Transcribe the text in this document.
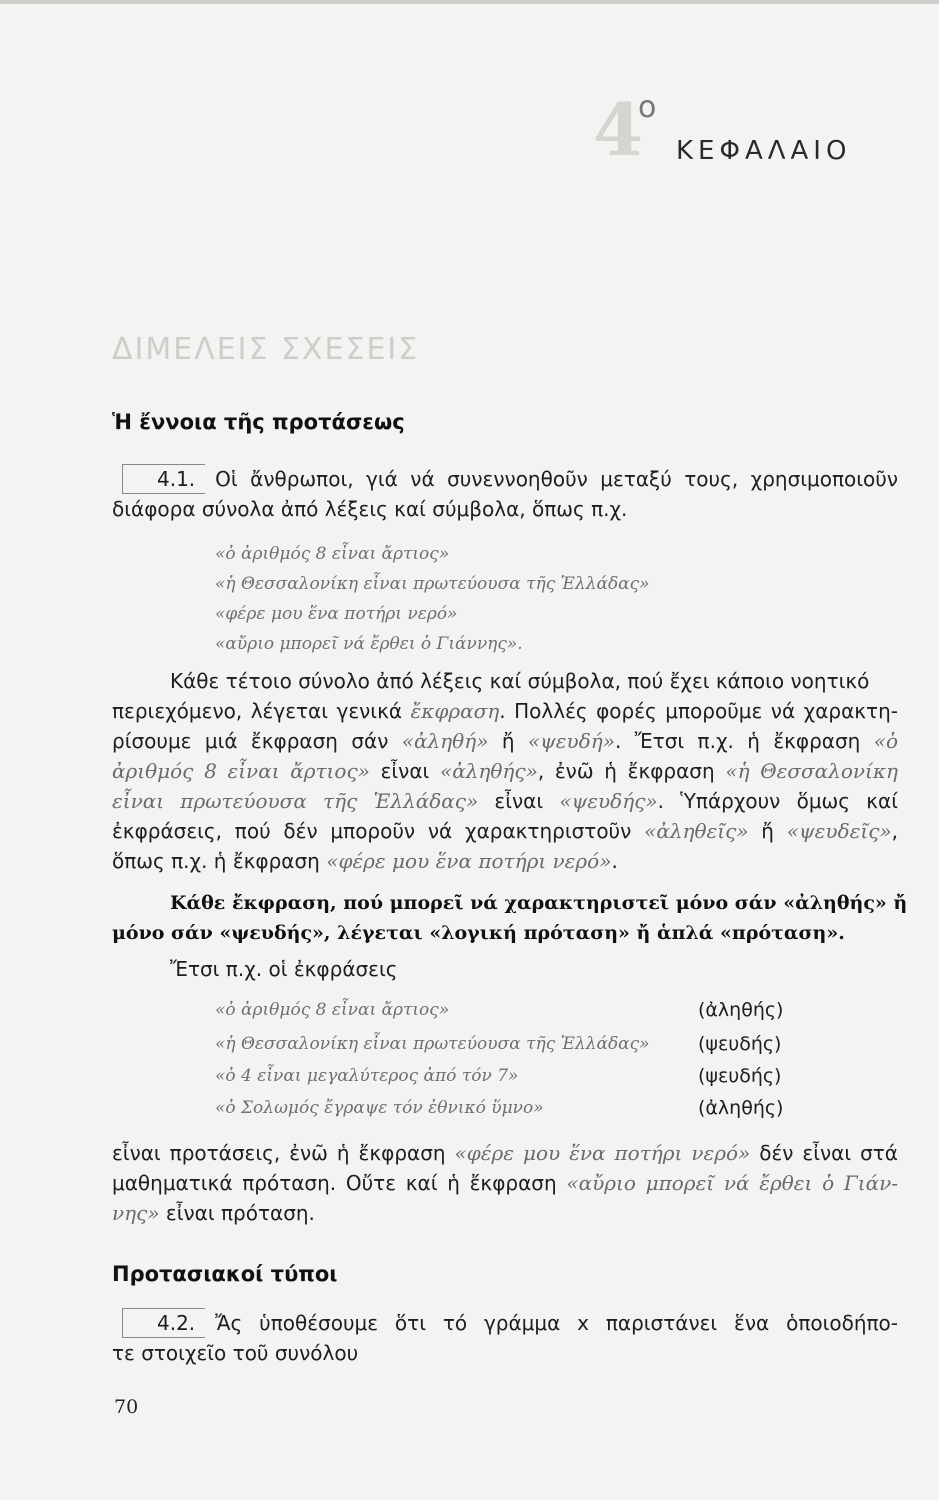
4
ο
ΚΕΦΑΛΑΙΟ
ΔΙΜΕΛΕΙΣ ΣΧΕΣΕΙΣ
Ἡ ἔννοια τῆς προτάσεως
4.1. Οἱ ἄνθρωποι, γιά νά συνεννοηθοῦν μεταξύ τους, χρησιμοποιοῦν
διάφορα σύνολα ἀπό λέξεις καί σύμβολα, ὅπως π.χ.
«ὁ ἀριθμός 8 εἶναι ἄρτιος»
«ἡ Θεσσαλονίκη εἶναι πρωτεύουσα τῆς Ἑλλάδας»
«φέρε μου ἕνα ποτήρι νερό»
«αὔριο μπορεῖ νά ἔρθει ὁ Γιάννης».
Κάθε τέτοιο σύνολο ἀπό λέξεις καί σύμβολα, πού ἔχει κάποιο νοητικό
περιεχόμενο, λέγεται γενικά ἔκφραση. Πολλές φορές μποροῦμε νά χαρακτη-
ρίσουμε μιά ἔκφραση σάν «ἀληθή» ἤ «ψευδή». Ἔτσι π.χ. ἡ ἔκφραση «ὁ
ἀριθμός 8 εἶναι ἄρτιος» εἶναι «ἀληθής», ἐνῶ ἡ ἔκφραση «ἡ Θεσσαλονίκη
εἶναι πρωτεύουσα τῆς Ἑλλάδας» εἶναι «ψευδής». Ὑπάρχουν ὅμως καί
ἐκφράσεις, πού δέν μποροῦν νά χαρακτηριστοῦν «ἀληθεῖς» ἤ «ψευδεῖς»,
ὅπως π.χ. ἡ ἔκφραση «φέρε μου ἕνα ποτήρι νερό».
Κάθε ἔκφραση, πού μπορεῖ νά χαρακτηριστεῖ μόνο σάν «ἀληθής» ἤ
μόνο σάν «ψευδής», λέγεται «λογική πρόταση» ἤ ἁπλά «πρόταση».
Ἔτσι π.χ. οἱ ἐκφράσεις
«ὁ ἀριθμός 8 εἶναι ἄρτιος»	(ἀληθής)
«ἡ Θεσσαλονίκη εἶναι πρωτεύουσα τῆς Ἑλλάδας»	(ψευδής)
«ὁ 4 εἶναι μεγαλύτερος ἀπό τόν 7»	(ψευδής)
«ὁ Σολωμός ἔγραψε τόν ἐθνικό ὕμνο»	(ἀληθής)
εἶναι προτάσεις, ἐνῶ ἡ ἔκφραση «φέρε μου ἕνα ποτήρι νερό» δέν εἶναι στά
μαθηματικά πρόταση. Οὔτε καί ἡ ἔκφραση «αὔριο μπορεῖ νά ἔρθει ὁ Γιάν-
νης» εἶναι πρόταση.
Προτασιακοί τύποι
4.2. Ἄς ὑποθέσουμε ὅτι τό γράμμα x παριστάνει ἕνα ὁποιοδήπο-
τε στοιχεῖο τοῦ συνόλου
70
